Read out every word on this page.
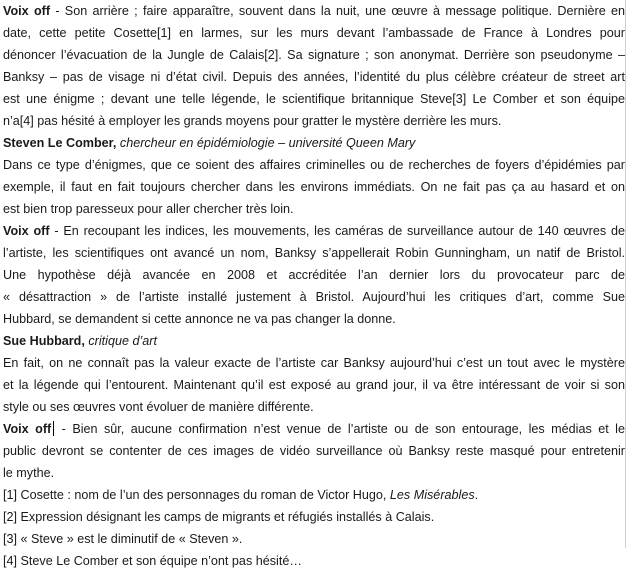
Voix off - Son arrière ; faire apparaître, souvent dans la nuit, une œuvre à message politique. Dernière en
date, cette petite Cosette[1] en larmes, sur les murs devant l’ambassade de France à Londres pour
dénoncer l’évacuation de la Jungle de Calais[2]. Sa signature ; son anonymat. Derrière son pseudonyme –
Banksy – pas de visage ni d’état civil. Depuis des années, l’identité du plus célèbre créateur de street art
est une énigme ; devant une telle légende, le scientifique britannique Steve[3] Le Comber et son équipe
n’a[4] pas hésité à employer les grands moyens pour gratter le mystère derrière les murs.
Steven Le Comber, chercheur en épidémiologie – université Queen Mary
Dans ce type d’énigmes, que ce soient des affaires criminelles ou de recherches de foyers d’épidémies par
exemple, il faut en fait toujours chercher dans les environs immédiats. On ne fait pas ça au hasard et on
est bien trop paresseux pour aller chercher très loin.
Voix off - En recoupant les indices, les mouvements, les caméras de surveillance autour de 140 œuvres de
l’artiste, les scientifiques ont avancé un nom, Banksy s’appellerait Robin Gunningham, un natif de Bristol.
Une hypothèse déjà avancée en 2008 et accréditée l’an dernier lors du provocateur parc de
« désattraction » de l’artiste installé justement à Bristol. Aujourd’hui les critiques d’art, comme Sue
Hubbard, se demandent si cette annonce ne va pas changer la donne.
Sue Hubbard, critique d’art
En fait, on ne connaît pas la valeur exacte de l’artiste car Banksy aujourd’hui c’est un tout avec le mystère
et la légende qui l’entourent. Maintenant qu’il est exposé au grand jour, il va être intéressant de voir si son
style ou ses œuvres vont évoluer de manière différente.
Voix off - Bien sûr, aucune confirmation n’est venue de l’artiste ou de son entourage, les médias et le
public devront se contenter de ces images de vidéo surveillance où Banksy reste masqué pour entretenir
le mythe.
[1] Cosette : nom de l’un des personnages du roman de Victor Hugo, Les Misérables.
[2] Expression désignant les camps de migrants et réfugiés installés à Calais.
[3] « Steve » est le diminutif de « Steven ».
[4] Steve Le Comber et son équipe n’ont pas hésité…
